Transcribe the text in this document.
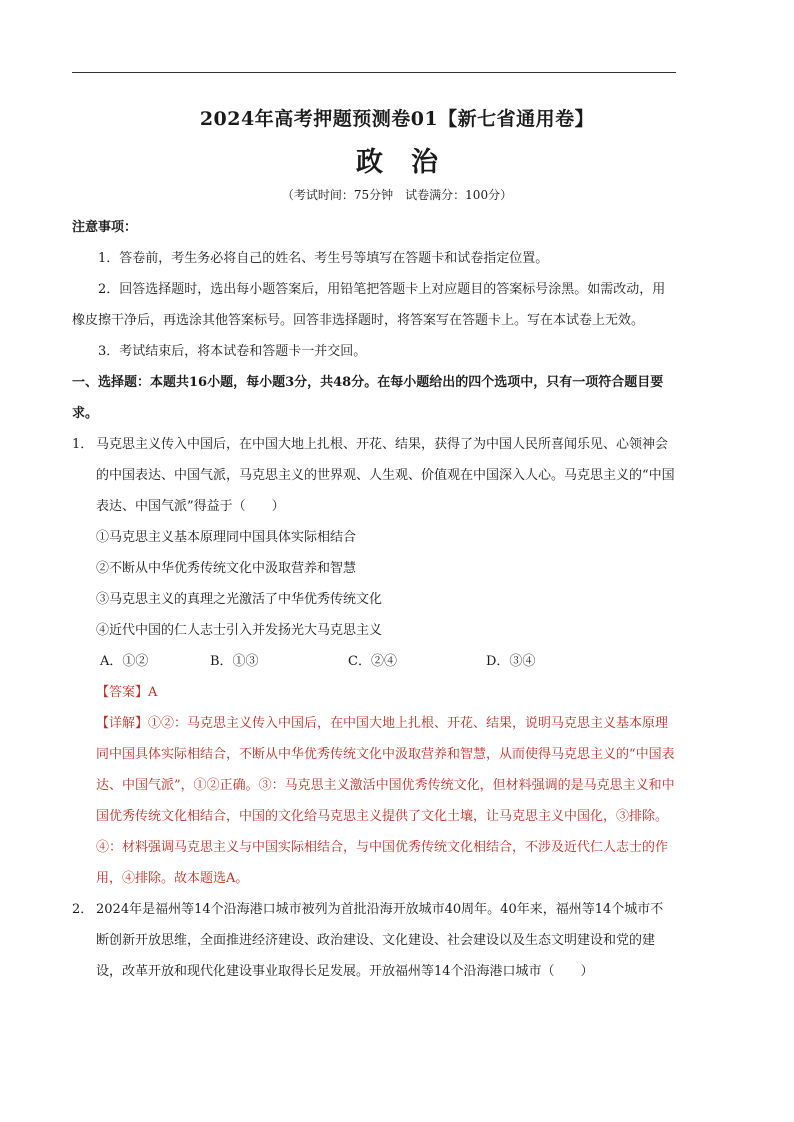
2024年高考押题预测卷01【新七省通用卷】
政治
（考试时间：75分钟　试卷满分：100分）
注意事项：
1．答卷前，考生务必将自己的姓名、考生号等填写在答题卡和试卷指定位置。
2．回答选择题时，选出每小题答案后，用铅笔把答题卡上对应题目的答案标号涂黑。如需改动，用橡皮擦干净后，再选涂其他答案标号。回答非选择题时，将答案写在答题卡上。写在本试卷上无效。
3．考试结束后，将本试卷和答题卡一并交回。
一、选择题：本题共16小题，每小题3分，共48分。在每小题给出的四个选项中，只有一项符合题目要求。
1． 马克思主义传入中国后，在中国大地上扎根、开花、结果，获得了为中国人民所喜闻乐见、心领神会的中国表达、中国气派，马克思主义的世界观、人生观、价值观在中国深入人心。马克思主义的“中国表达、中国气派”得益于（　　）
①马克思主义基本原理同中国具体实际相结合
②不断从中华优秀传统文化中汲取营养和智慧
③马克思主义的真理之光激活了中华优秀传统文化
④近代中国的仁人志士引入并发扬光大马克思主义
A．①②	B．①③	C．②④	D．③④
【答案】A
【详解】①②：马克思主义传入中国后，在中国大地上扎根、开花、结果，说明马克思主义基本原理同中国具体实际相结合，不断从中华优秀传统文化中汲取营养和智慧，从而使得马克思主义的“中国表达、中国气派”，①②正确。③：马克思主义激活中国优秀传统文化，但材料强调的是马克思主义和中国优秀传统文化相结合，中国的文化给马克思主义提供了文化土壤，让马克思主义中国化，③排除。④：材料强调马克思主义与中国实际相结合，与中国优秀传统文化相结合，不涉及近代仁人志士的作用，④排除。故本题选A。
2． 2024年是福州等14个沿海港口城市被列为首批沿海开放城市40周年。40年来，福州等14个城市不断创新开放思维，全面推进经济建设、政治建设、文化建设、社会建设以及生态文明建设和党的建设，改革开放和现代化建设事业取得长足发展。开放福州等14个沿海港口城市（　　）
